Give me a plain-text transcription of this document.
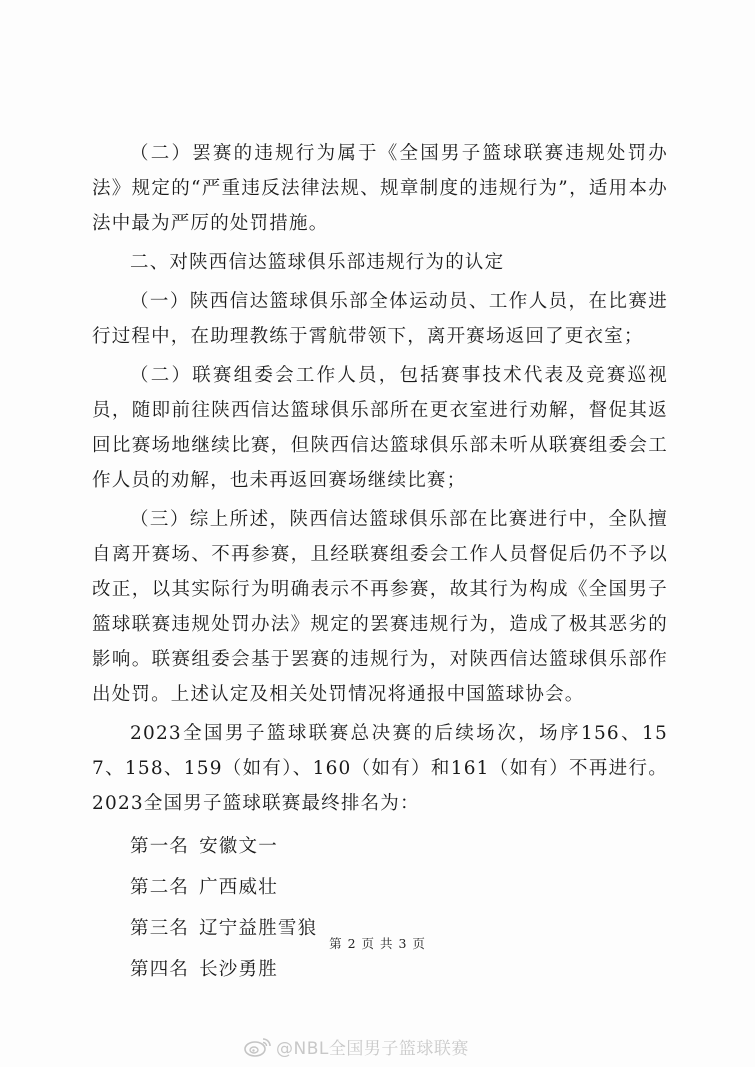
（二）罢赛的违规行为属于《全国男子篮球联赛违规处罚办法》规定的“严重违反法律法规、规章制度的违规行为”，适用本办法中最为严厉的处罚措施。

二、对陕西信达篮球俱乐部违规行为的认定

（一）陕西信达篮球俱乐部全体运动员、工作人员，在比赛进行过程中，在助理教练于霄航带领下，离开赛场返回了更衣室；

（二）联赛组委会工作人员，包括赛事技术代表及竞赛巡视员，随即前往陕西信达篮球俱乐部所在更衣室进行劝解，督促其返回比赛场地继续比赛，但陕西信达篮球俱乐部未听从联赛组委会工作人员的劝解，也未再返回赛场继续比赛；

（三）综上所述，陕西信达篮球俱乐部在比赛进行中，全队擅自离开赛场、不再参赛，且经联赛组委会工作人员督促后仍不予以改正，以其实际行为明确表示不再参赛，故其行为构成《全国男子篮球联赛违规处罚办法》规定的罢赛违规行为，造成了极其恶劣的影响。联赛组委会基于罢赛的违规行为，对陕西信达篮球俱乐部作出处罚。上述认定及相关处罚情况将通报中国篮球协会。

2023全国男子篮球联赛总决赛的后续场次，场序156、157、158、159（如有）、160（如有）和161（如有）不再进行。2023全国男子篮球联赛最终排名为：

第一名 安徽文一

第二名 广西威壮

第三名 辽宁益胜雪狼

第四名 长沙勇胜

第 2 页 共 3 页
@NBL全国男子篮球联赛
